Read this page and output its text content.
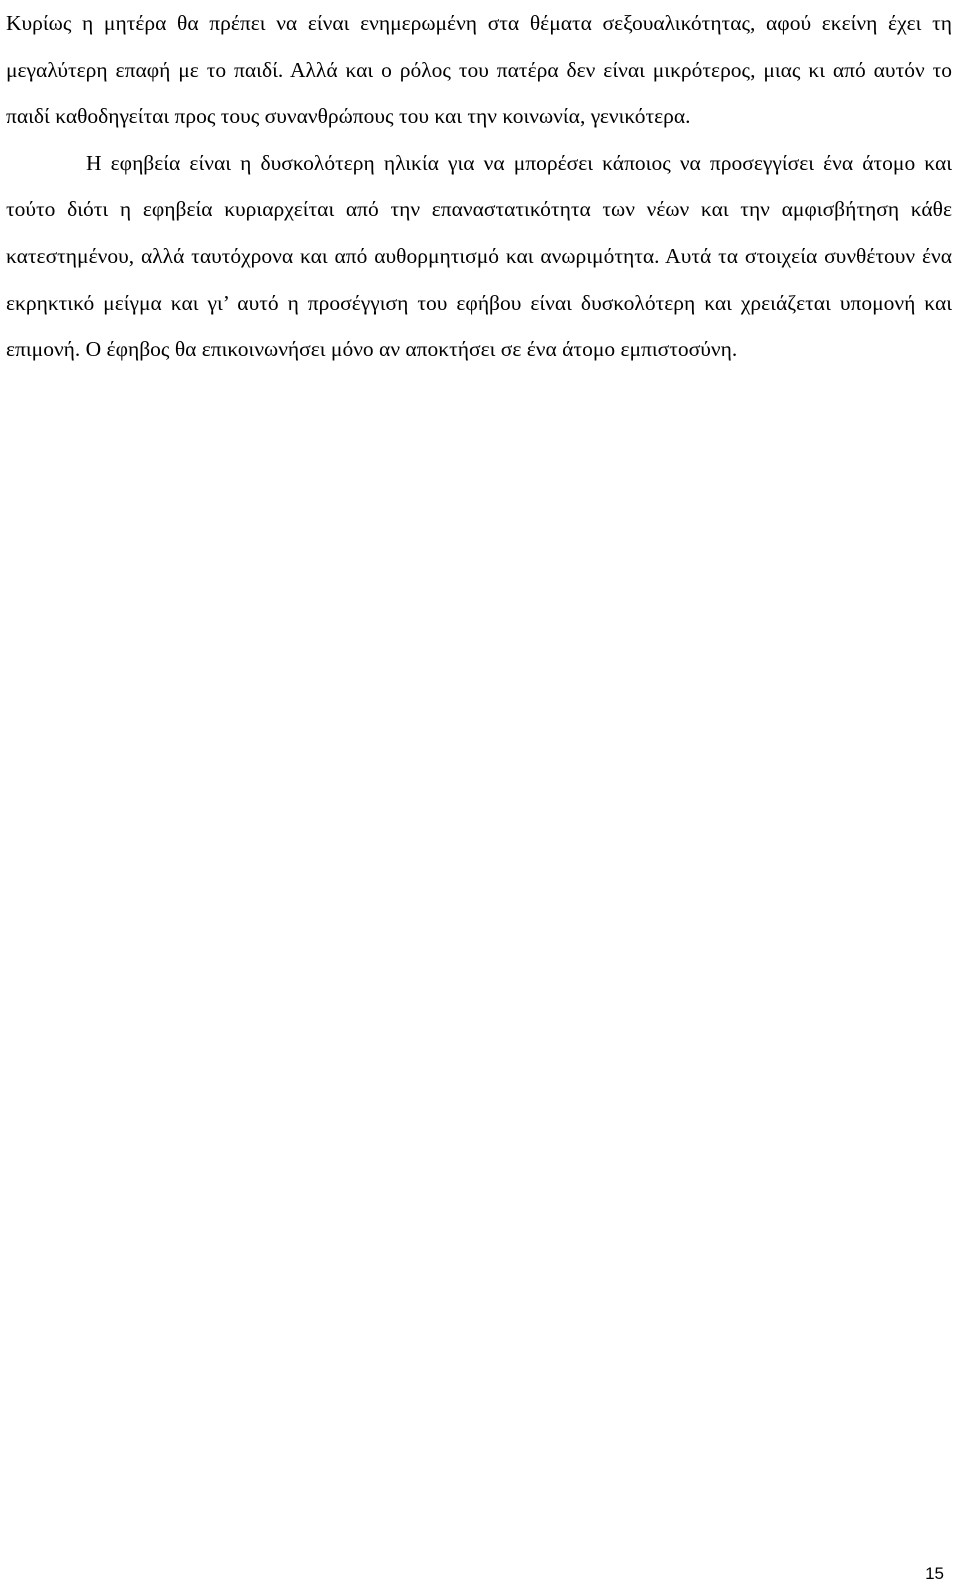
Κυρίως η μητέρα θα πρέπει να είναι ενημερωμένη στα θέματα σεξουαλικότητας, αφού εκείνη έχει τη μεγαλύτερη επαφή με το παιδί. Αλλά και ο ρόλος του πατέρα δεν είναι μικρότερος, μιας κι από αυτόν το παιδί καθοδηγείται προς τους συνανθρώπους του και την κοινωνία, γενικότερα.

Η εφηβεία είναι η δυσκολότερη ηλικία για να μπορέσει κάποιος να προσεγγίσει ένα άτομο και τούτο διότι η εφηβεία κυριαρχείται από την επαναστατικότητα των νέων και την αμφισβήτηση κάθε κατεστημένου, αλλά ταυτόχρονα και από αυθορμητισμό και ανωριμότητα. Αυτά τα στοιχεία συνθέτουν ένα εκρηκτικό μείγμα και γι’ αυτό η προσέγγιση του εφήβου είναι δυσκολότερη και χρειάζεται υπομονή και επιμονή. Ο έφηβος θα επικοινωνήσει μόνο αν αποκτήσει σε ένα άτομο εμπιστοσύνη.

15
